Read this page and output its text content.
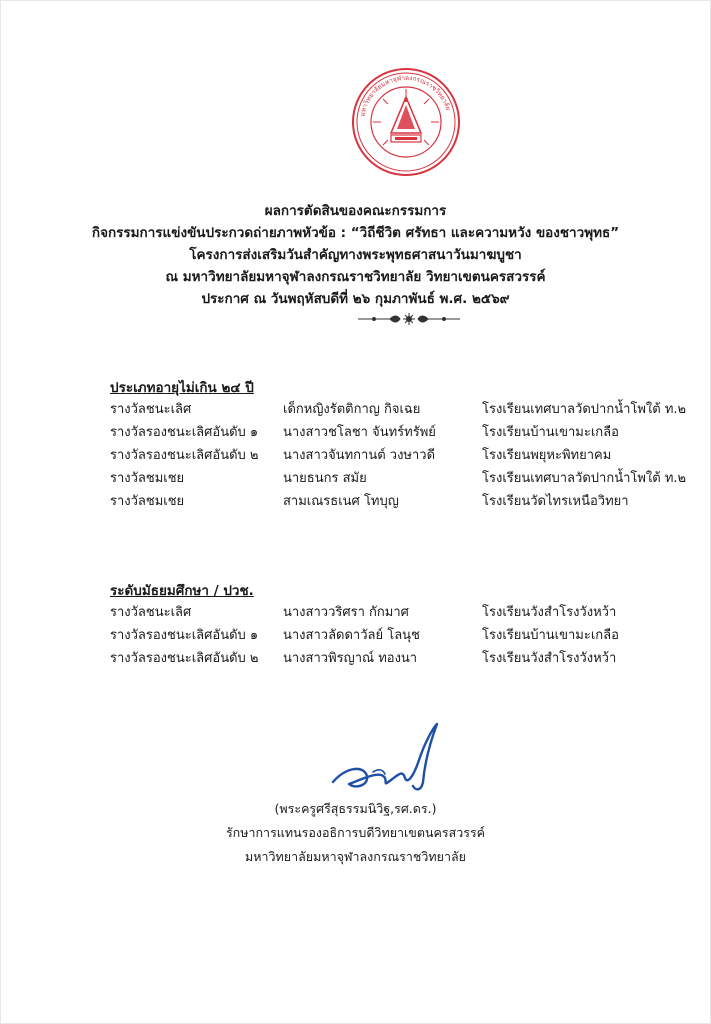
มหาวิทยาลัยมหาจุฬาลงกรณราชวิทยาลัย
ผลการตัดสินของคณะกรรมการ
กิจกรรมการแข่งขันประกวดถ่ายภาพหัวข้อ : “วิถีชีวิต ศรัทธา และความหวัง ของชาวพุทธ”
โครงการส่งเสริมวันสำคัญทางพระพุทธศาสนาวันมาฆบูชา
ณ มหาวิทยาลัยมหาจุฬาลงกรณราชวิทยาลัย วิทยาเขตนครสวรรค์
ประกาศ ณ วันพฤหัสบดีที่ ๒๖ กุมภาพันธ์ พ.ศ. ๒๕๖๙
ประเภทอายุไม่เกิน ๒๔ ปี
รางวัลชนะเลิศ	เด็กหญิงรัตติกาญ กิจเฉย	โรงเรียนเทศบาลวัดปากน้ำโพใต้ ท.๒
รางวัลรองชนะเลิศอันดับ ๑ นางสาวชโลชา จันทร์ทรัพย์	โรงเรียนบ้านเขามะเกลือ
รางวัลรองชนะเลิศอันดับ ๒ นางสาวจันทกานต์ วงษาวดี	โรงเรียนพยุหะพิทยาคม
รางวัลชมเชย	นายธนกร สมัย	โรงเรียนเทศบาลวัดปากน้ำโพใต้ ท.๒
รางวัลชมเชย	สามเณรธเนศ โทบุญ	โรงเรียนวัดไทรเหนือวิทยา
ระดับมัธยมศึกษา / ปวช.
รางวัลชนะเลิศ	นางสาววริศรา กักมาศ	โรงเรียนวังสำโรงวังหว้า
รางวัลรองชนะเลิศอันดับ ๑ นางสาวลัดดาวัลย์ โลนุช	โรงเรียนบ้านเขามะเกลือ
รางวัลรองชนะเลิศอันดับ ๒ นางสาวพิรญาณ์ ทองนา	โรงเรียนวังสำโรงวังหว้า
(พระครูศรีสุธรรมนิวิฐ,รศ.ดร.)
รักษาการแทนรองอธิการบดีวิทยาเขตนครสวรรค์
มหาวิทยาลัยมหาจุฬาลงกรณราชวิทยาลัย
